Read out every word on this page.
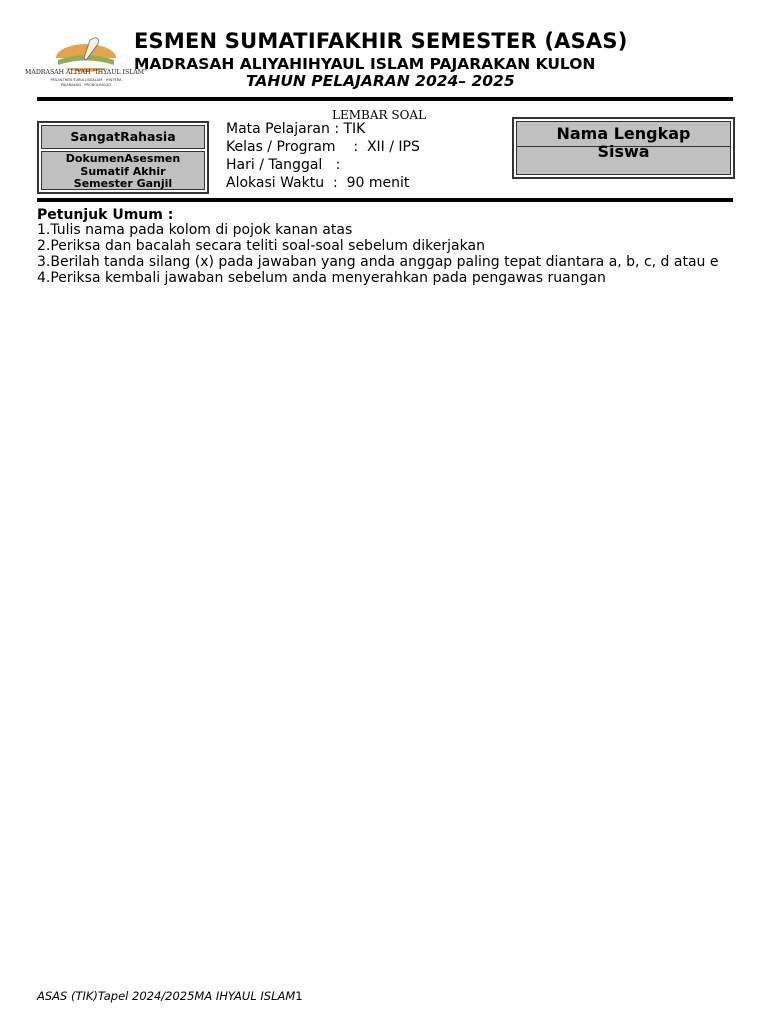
MADRASAH ALIYAH "IHYAUL ISLAM"
PESANTREN SUBULUSSALAM · HINTERA
PAJARAKAN · PROBOLINGGO
ESMEN SUMATIFAKHIR SEMESTER (ASAS)
MADRASAH ALIYAHIHYAUL ISLAM PAJARAKAN KULON
TAHUN PELAJARAN 2024– 2025
LEMBAR SOAL
SangatRahasia
DokumenAsesmen
Sumatif Akhir
Semester Ganjil
Mata Pelajaran : TIK
Kelas / Program    :  XII / IPS
Hari / Tanggal   :
Alokasi Waktu  :  90 menit
Nama Lengkap
Siswa
Petunjuk Umum :
1.Tulis nama pada kolom di pojok kanan atas
2.Periksa dan bacalah secara teliti soal-soal sebelum dikerjakan
3.Berilah tanda silang (x) pada jawaban yang anda anggap paling tepat diantara a, b, c, d atau e
4.Periksa kembali jawaban sebelum anda menyerahkan pada pengawas ruangan
ASAS (TIK)Tapel 2024/2025MA IHYAUL ISLAM1
